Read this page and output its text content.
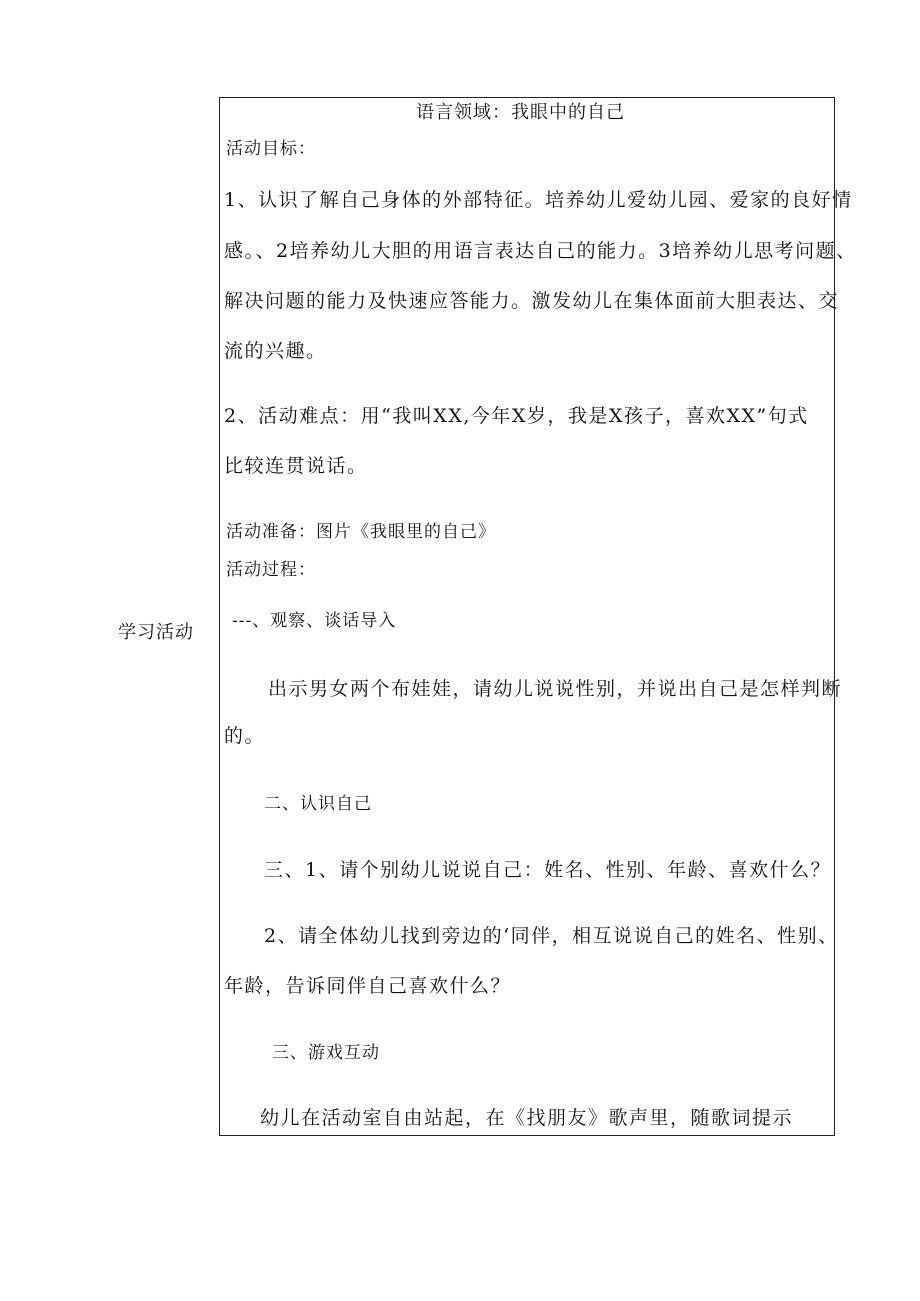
学习活动
语言领域：我眼中的自己
活动目标：
1、认识了解自己身体的外部特征。培养幼儿爱幼儿园、爱家的良好情
感。、2培养幼儿大胆的用语言表达自己的能力。3培养幼儿思考问题、
解决问题的能力及快速应答能力。激发幼儿在集体面前大胆表达、交
流的兴趣。
2、活动难点：用“我叫XX,今年X岁，我是X孩子，喜欢XX”句式
比较连贯说话。
活动准备：图片《我眼里的自己》
活动过程：
---、观察、谈话导入
出示男女两个布娃娃，请幼儿说说性别，并说出自己是怎样判断
的。
二、认识自己
三、1、请个别幼儿说说自己：姓名、性别、年龄、喜欢什么？
2、请全体幼儿找到旁边的‘同伴，相互说说自己的姓名、性别、
年龄，告诉同伴自己喜欢什么？
三、游戏互动
幼儿在活动室自由站起，在《找朋友》歌声里，随歌词提示
